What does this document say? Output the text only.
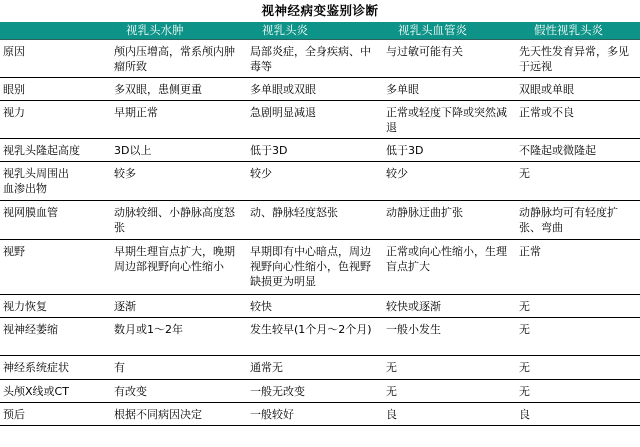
视神经病变鉴别诊断
	视乳头水肿	视乳头炎	视乳头血管炎	假性视乳头炎
原因	颅内压增高，常系颅内肿瘤所致	局部炎症，全身疾病、中毒等	与过敏可能有关	先天性发育异常，多见于远视
眼别	多双眼，患侧更重	多单眼或双眼	多单眼	双眼或单眼
视力	早期正常	急剧明显减退	正常或轻度下降或突然减退	正常或不良
视乳头隆起高度	3D以上	低于3D	低于3D	不隆起或微隆起
视乳头周围出血渗出物	较多	较少	较少	无
视网膜血管	动脉较细、小静脉高度怒张	动、静脉轻度怒张	动静脉迂曲扩张	动静脉均可有轻度扩张、弯曲
视野	早期生理盲点扩大，晚期周边部视野向心性缩小	早期即有中心暗点，周边视野向心性缩小，色视野缺损更为明显	正常或向心性缩小，生理盲点扩大	正常
视力恢复	逐渐	较快	较快或逐渐	无
视神经萎缩	数月或1～2年	发生较早(1个月～2个月)	一般小发生	无
神经系统症状	有	通常无	无	无
头颅X线或CT	有改变	一般无改变	无	无
预后	根据不同病因决定	一般较好	良	良
